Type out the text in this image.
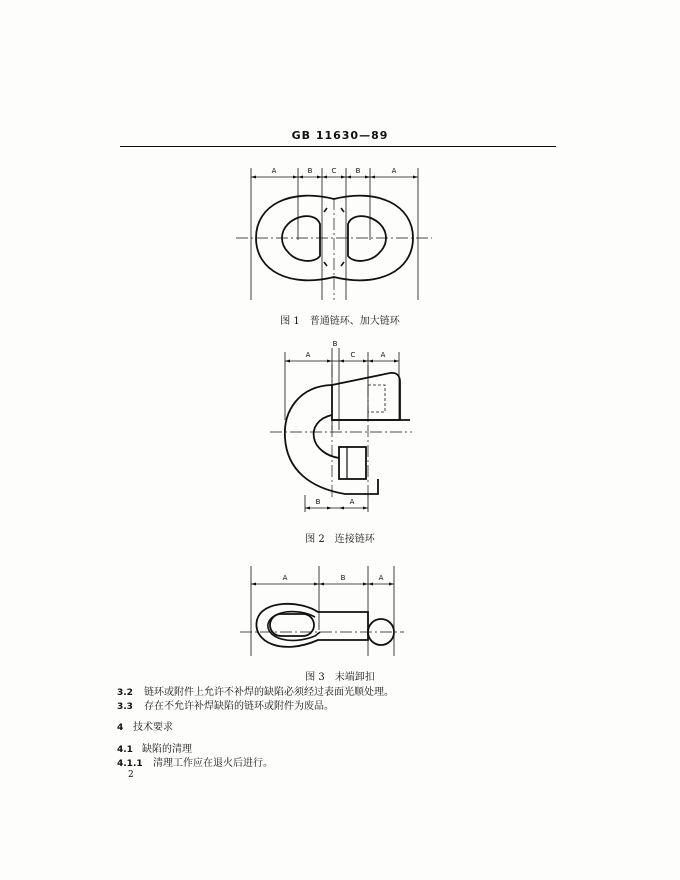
GB 11630—89
A	B	C	B	A
图 1 普通链环、加大链环
A
B
C	A
B	A
图 2 连接链环
A	B	A
图 3 末端卸扣
3.2 链环或附件上允许不补焊的缺陷必须经过表面光顺处理。
3.3 存在不允许补焊缺陷的链环或附件为废品。
4 技术要求
4.1 缺陷的清理
4.1.1 清理工作应在退火后进行。
2
